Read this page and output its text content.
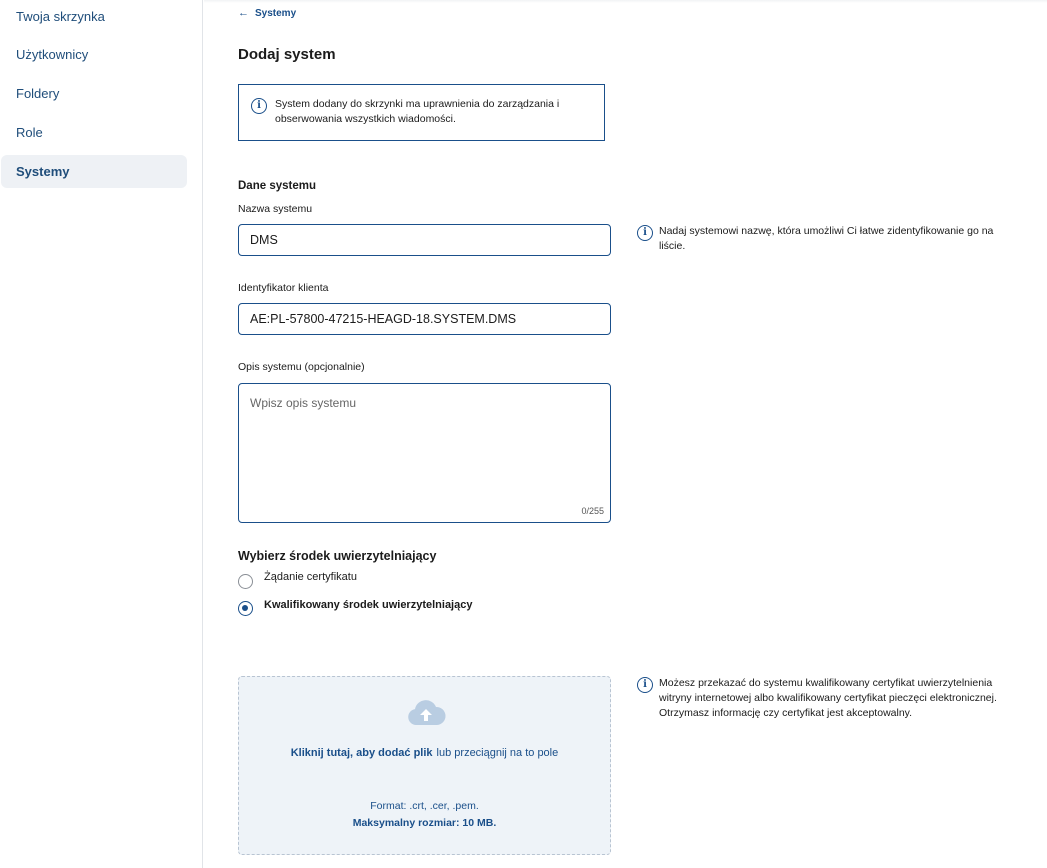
Twoja skrzynka
Użytkownicy
Foldery
Role
Systemy
← Systemy
Dodaj system
i	System dodany do skrzynki ma uprawnienia do zarządzania i obserwowania wszystkich wiadomości.
Dane systemu
Nazwa systemu
DMS
i	Nadaj systemowi nazwę, która umożliwi Ci łatwe zidentyfikowanie go na liście.
Identyfikator klienta
AE:PL-57800-47215-HEAGD-18.SYSTEM.DMS
Opis systemu (opcjonalnie)
Wpisz opis systemu
0/255
Wybierz środek uwierzytelniający
Żądanie certyfikatu
Kwalifikowany środek uwierzytelniający
i	Możesz przekazać do systemu kwalifikowany certyfikat uwierzytelnienia witryny internetowej albo kwalifikowany certyfikat pieczęci elektronicznej. Otrzymasz informację czy certyfikat jest akceptowalny.
Kliknij tutaj, aby dodać plik lub przeciągnij na to pole
Format: .crt, .cer, .pem.
Maksymalny rozmiar: 10 MB.
